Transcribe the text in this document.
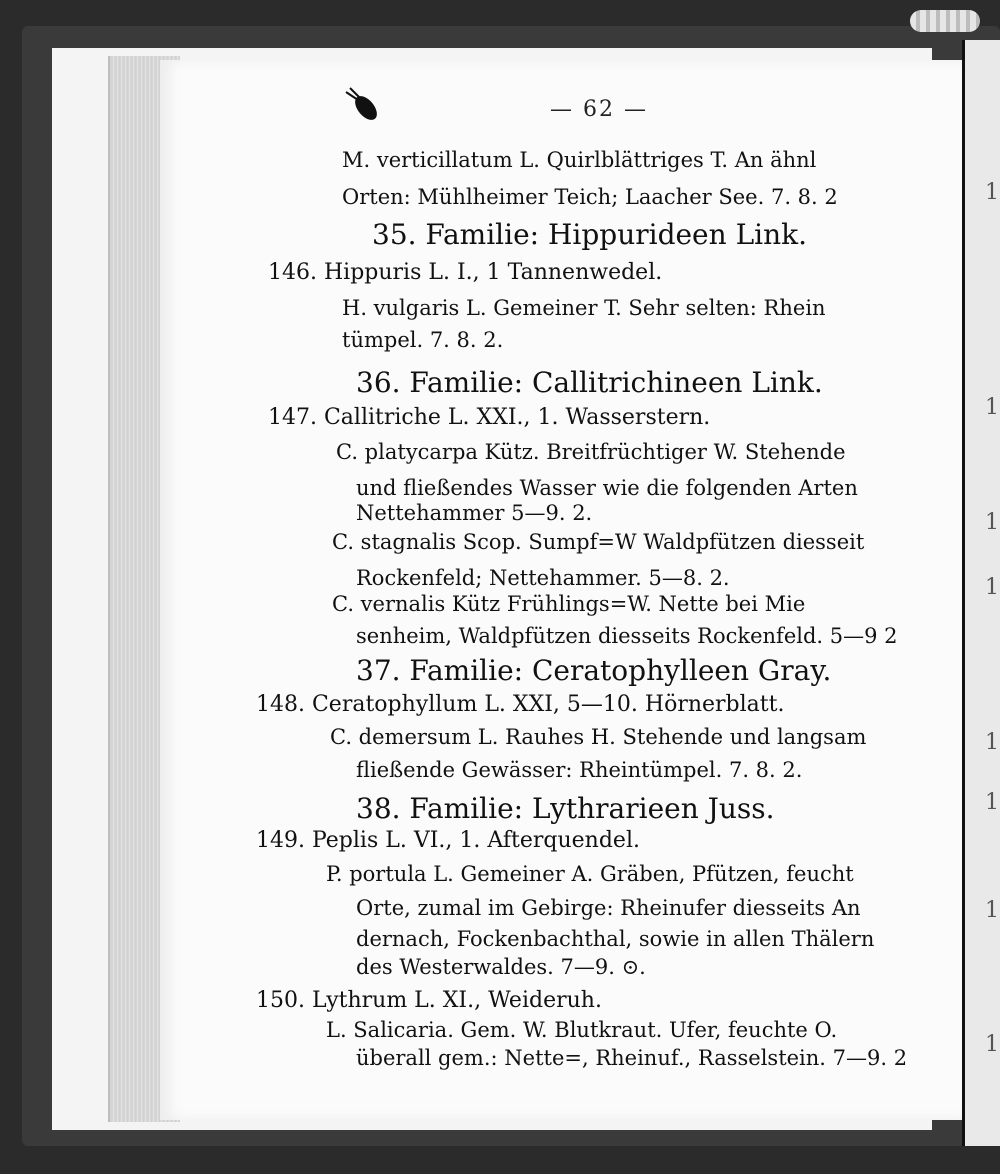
1
1
1
1
1
1
1
1
— 62 —
M. verticillatum L. Quirlblättriges T. An ähnl
Orten: Mühlheimer Teich; Laacher See. 7. 8. 2
35. Familie: Hippurideen Link.
146. Hippuris L. I., 1 Tannenwedel.
H. vulgaris L. Gemeiner T. Sehr selten: Rhein
tümpel. 7. 8. 2.
36. Familie: Callitrichineen Link.
147. Callitriche L. XXI., 1. Wasserstern.
C. platycarpa Kütz. Breitfrüchtiger W. Stehende
und fließendes Wasser wie die folgenden Arten
Nettehammer 5—9. 2.
C. stagnalis Scop. Sumpf=W Waldpfützen diesseit
Rockenfeld; Nettehammer. 5—8. 2.
C. vernalis Kütz Frühlings=W. Nette bei Mie
senheim, Waldpfützen diesseits Rockenfeld. 5—9 2
37. Familie: Ceratophylleen Gray.
148. Ceratophyllum L. XXI, 5—10. Hörnerblatt.
C. demersum L. Rauhes H. Stehende und langsam
fließende Gewässer: Rheintümpel. 7. 8. 2.
38. Familie: Lythrarieen Juss.
149. Peplis L. VI., 1. Afterquendel.
P. portula L. Gemeiner A. Gräben, Pfützen, feucht
Orte, zumal im Gebirge: Rheinufer diesseits An
dernach, Fockenbachthal, sowie in allen Thälern
des Westerwaldes. 7—9. ⊙.
150. Lythrum L. XI., Weideruh.
L. Salicaria. Gem. W. Blutkraut. Ufer, feuchte O.
überall gem.: Nette=, Rheinuf., Rasselstein. 7—9. 2
